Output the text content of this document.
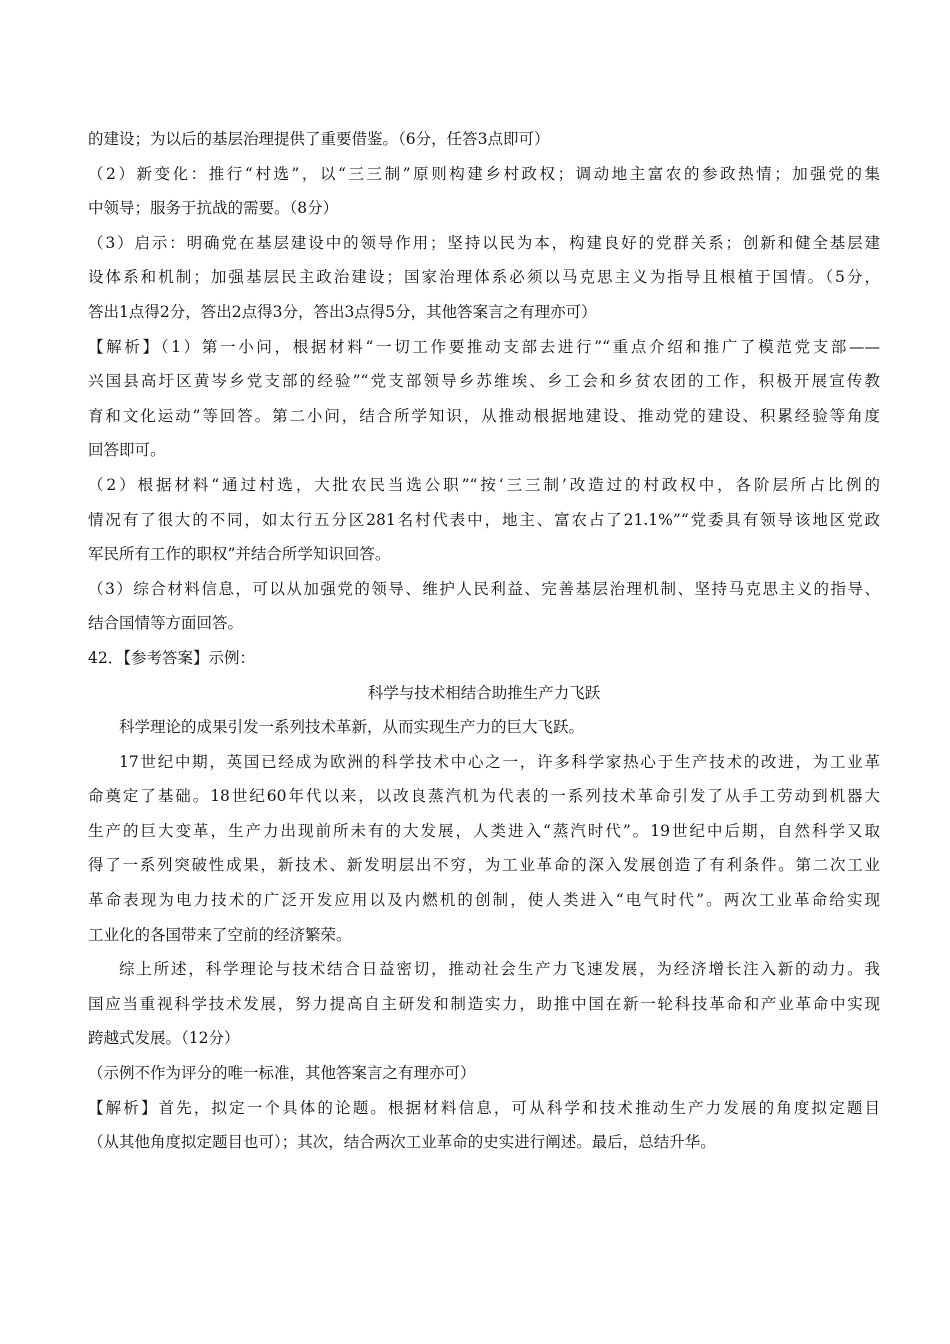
的建设；为以后的基层治理提供了重要借鉴。（6分，任答3点即可）
（2）新变化：推行“村选”，以“三三制”原则构建乡村政权；调动地主富农的参政热情；加强党的集
中领导；服务于抗战的需要。（8分）
（3）启示：明确党在基层建设中的领导作用；坚持以民为本，构建良好的党群关系；创新和健全基层建
设体系和机制；加强基层民主政治建设；国家治理体系必须以马克思主义为指导且根植于国情。（5分，
答出1点得2分，答出2点得3分，答出3点得5分，其他答案言之有理亦可）
【解析】（1）第一小问，根据材料“一切工作要推动支部去进行”“重点介绍和推广了模范党支部——
兴国县高圩区黄岑乡党支部的经验”“党支部领导乡苏维埃、乡工会和乡贫农团的工作，积极开展宣传教
育和文化运动”等回答。第二小问，结合所学知识，从推动根据地建设、推动党的建设、积累经验等角度
回答即可。
（2）根据材料“通过村选，大批农民当选公职”“按‘三三制’改造过的村政权中，各阶层所占比例的
情况有了很大的不同，如太行五分区281名村代表中，地主、富农占了21.1%”“党委具有领导该地区党政
军民所有工作的职权”并结合所学知识回答。
（3）综合材料信息，可以从加强党的领导、维护人民利益、完善基层治理机制、坚持马克思主义的指导、
结合国情等方面回答。
42．【参考答案】示例：
科学与技术相结合助推生产力飞跃
科学理论的成果引发一系列技术革新，从而实现生产力的巨大飞跃。
17世纪中期，英国已经成为欧洲的科学技术中心之一，许多科学家热心于生产技术的改进，为工业革
命奠定了基础。18世纪60年代以来，以改良蒸汽机为代表的一系列技术革命引发了从手工劳动到机器大
生产的巨大变革，生产力出现前所未有的大发展，人类进入“蒸汽时代”。19世纪中后期，自然科学又取
得了一系列突破性成果，新技术、新发明层出不穷，为工业革命的深入发展创造了有利条件。第二次工业
革命表现为电力技术的广泛开发应用以及内燃机的创制，使人类进入“电气时代”。两次工业革命给实现
工业化的各国带来了空前的经济繁荣。
综上所述，科学理论与技术结合日益密切，推动社会生产力飞速发展，为经济增长注入新的动力。我
国应当重视科学技术发展，努力提高自主研发和制造实力，助推中国在新一轮科技革命和产业革命中实现
跨越式发展。（12分）
（示例不作为评分的唯一标准，其他答案言之有理亦可）
【解析】首先，拟定一个具体的论题。根据材料信息，可从科学和技术推动生产力发展的角度拟定题目
（从其他角度拟定题目也可）；其次，结合两次工业革命的史实进行阐述。最后，总结升华。
